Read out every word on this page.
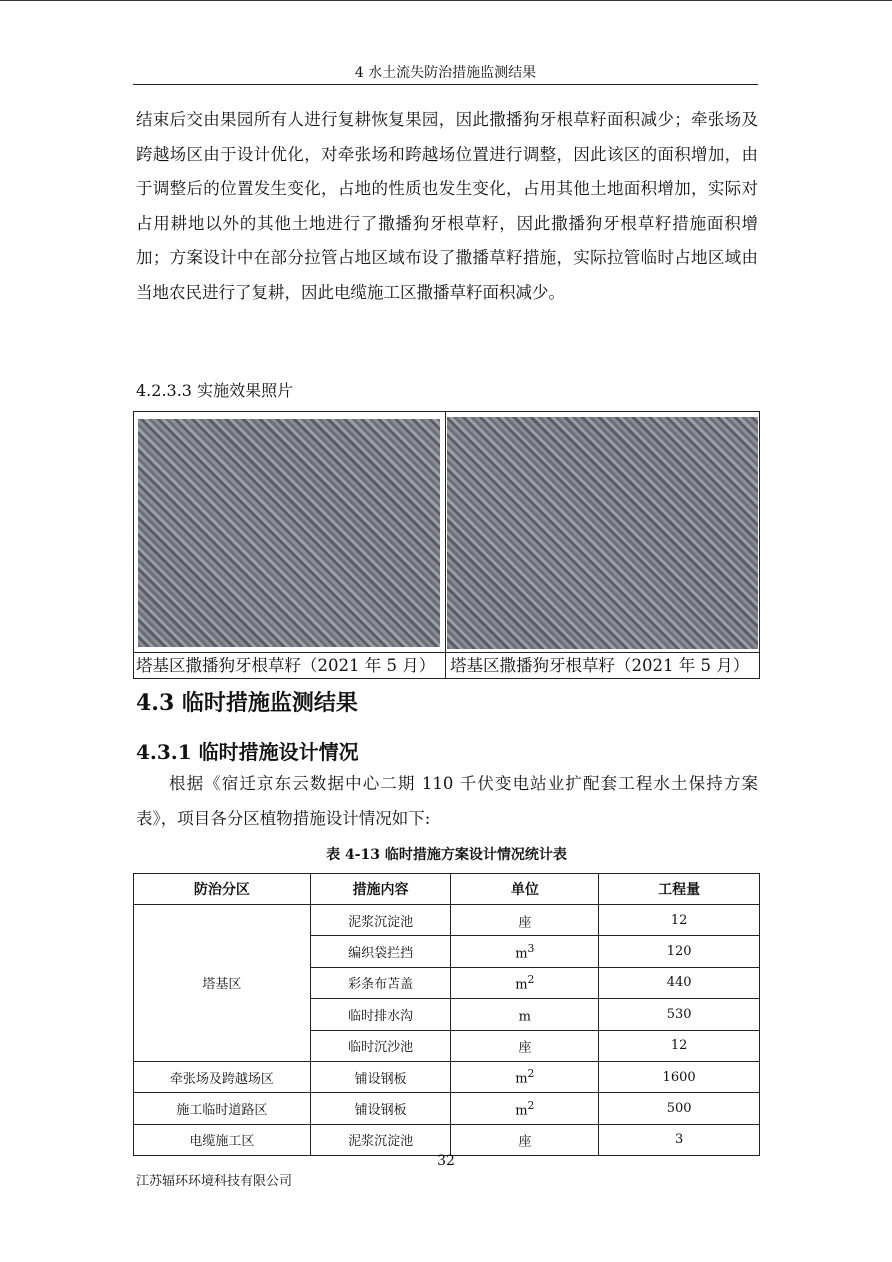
4 水土流失防治措施监测结果

结束后交由果园所有人进行复耕恢复果园，因此撒播狗牙根草籽面积减少；牵张场及跨越场区由于设计优化，对牵张场和跨越场位置进行调整，因此该区的面积增加，由于调整后的位置发生变化，占地的性质也发生变化，占用其他土地面积增加，实际对占用耕地以外的其他土地进行了撒播狗牙根草籽，因此撒播狗牙根草籽措施面积增加；方案设计中在部分拉管占地区域布设了撒播草籽措施，实际拉管临时占地区域由当地农民进行了复耕，因此电缆施工区撒播草籽面积减少。

4.2.3.3 实施效果照片
塔基区撒播狗牙根草籽（2021 年 5 月） 塔基区撒播狗牙根草籽（2021 年 5 月）
4.3 临时措施监测结果
4.3.1 临时措施设计情况

根据《宿迁京东云数据中心二期 110 千伏变电站业扩配套工程水土保持方案表》，项目各分区植物措施设计情况如下:

表 4-13 临时措施方案设计情况统计表
防治分区	措施内容	单位	工程量
塔基区	泥浆沉淀池	座	12
	编织袋拦挡	$m^3$	120
	彩条布苫盖	$m^2$	440
	临时排水沟	m	530
	临时沉沙池	座	12
牵张场及跨越场区	铺设钢板	$m^2$	1600
施工临时道路区	铺设钢板	$m^2$	500
电缆施工区	泥浆沉淀池	座	3
32
江苏辐环环境科技有限公司
